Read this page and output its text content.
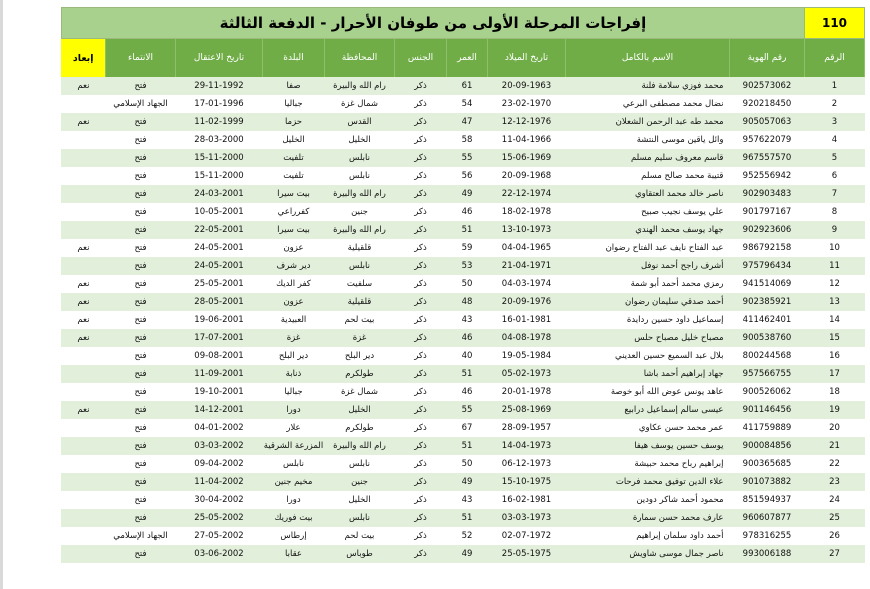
110	إفراجات المرحلة الأولى من طوفان الأحرار - الدفعة الثالثة									
الرقم	رقم الهوية	الاسم بالكامل	تاريخ الميلاد	العمر	الجنس	المحافظة	البلدة	تاريخ الاعتقال	الانتماء	إبعاد
1	902573062	محمد فوزي سلامة فلنة	20-09-1963	61	ذكر	رام الله والبيرة	صفا	29-11-1992	فتح	نعم
2	920218450	نضال محمد مصطفى البرعي	23-02-1970	54	ذكر	شمال غزة	جباليا	17-01-1996	الجهاد الإسلامي	
3	905057063	محمد طه عبد الرحمن الشعلان	12-12-1976	47	ذكر	القدس	حزما	11-02-1999	فتح	نعم
4	957622079	وائل ياقين موسى النتشة	11-04-1966	58	ذكر	الخليل	الخليل	28-03-2000	فتح	
5	967557570	قاسم معروف سليم مسلم	15-06-1969	55	ذكر	نابلس	تلفيت	15-11-2000	فتح	
6	952556942	قتيبة محمد صالح مسلم	20-09-1968	56	ذكر	نابلس	تلفيت	15-11-2000	فتح	
7	902903483	ناصر خالد محمد العتقاوي	22-12-1974	49	ذكر	رام الله والبيرة	بيت سيرا	24-03-2001	فتح	
8	901797167	علي يوسف نجيب صبيح	18-02-1978	46	ذكر	جنين	كفرراعي	10-05-2001	فتح	
9	902923606	جهاد يوسف محمد الهندي	13-10-1973	51	ذكر	رام الله والبيرة	بيت سيرا	22-05-2001	فتح	
10	986792158	عبد الفتاح نايف عبد الفتاح رضوان	04-04-1965	59	ذكر	قلقيلية	عزون	24-05-2001	فتح	نعم
11	975796434	أشرف راجح أحمد نوفل	21-04-1971	53	ذكر	نابلس	دير شرف	24-05-2001	فتح	
12	941514069	رمزي محمد أحمد أبو شمة	04-03-1974	50	ذكر	سلفيت	كفر الديك	25-05-2001	فتح	نعم
13	902385921	أحمد صدقي سليمان رضوان	20-09-1976	48	ذكر	قلقيلية	عزون	28-05-2001	فتح	نعم
14	411462401	إسماعيل داود حسين ردايدة	16-01-1981	43	ذكر	بيت لحم	العبيدية	19-06-2001	فتح	نعم
15	900538760	مصباح خليل مصباح حلس	04-08-1978	46	ذكر	غزة	غزة	17-07-2001	فتح	نعم
16	800244568	بلال عبد السميع حسين العديني	19-05-1984	40	ذكر	دير البلح	دير البلح	09-08-2001	فتح	
17	957566755	جهاد إبراهيم أحمد باشا	05-02-1973	51	ذكر	طولكرم	ذنابة	11-09-2001	فتح	
18	900526062	عاهد يونس عوض الله أبو خوصة	20-01-1978	46	ذكر	شمال غزة	جباليا	19-10-2001	فتح	
19	901146456	عيسى سالم إسماعيل درابيع	25-08-1969	55	ذكر	الخليل	دورا	14-12-2001	فتح	نعم
20	411759889	عمر محمد حسن عكاوي	28-09-1957	67	ذكر	طولكرم	علار	04-01-2002	فتح	
21	900084856	يوسف حسين يوسف هيفا	14-04-1973	51	ذكر	رام الله والبيرة	المزرعة الشرقية	03-03-2002	فتح	
22	900365685	إبراهيم رباح محمد حبيشة	06-12-1973	50	ذكر	نابلس	نابلس	09-04-2002	فتح	
23	901073882	علاء الدين توفيق محمد فرحات	15-10-1975	49	ذكر	جنين	مخيم جنين	11-04-2002	فتح	
24	851594937	محمود أحمد شاكر دودين	16-02-1981	43	ذكر	الخليل	دورا	30-04-2002	فتح	
25	960607877	عارف محمد حسن سمارة	03-03-1973	51	ذكر	نابلس	بيت فوريك	25-05-2002	فتح	
26	978316255	أحمد داود سلمان إبراهيم	02-07-1972	52	ذكر	بيت لحم	إرطاس	27-05-2002	الجهاد الإسلامي	
27	993006188	ناصر جمال موسى شاويش	25-05-1975	49	ذكر	طوباس	عقابا	03-06-2002	فتح	
